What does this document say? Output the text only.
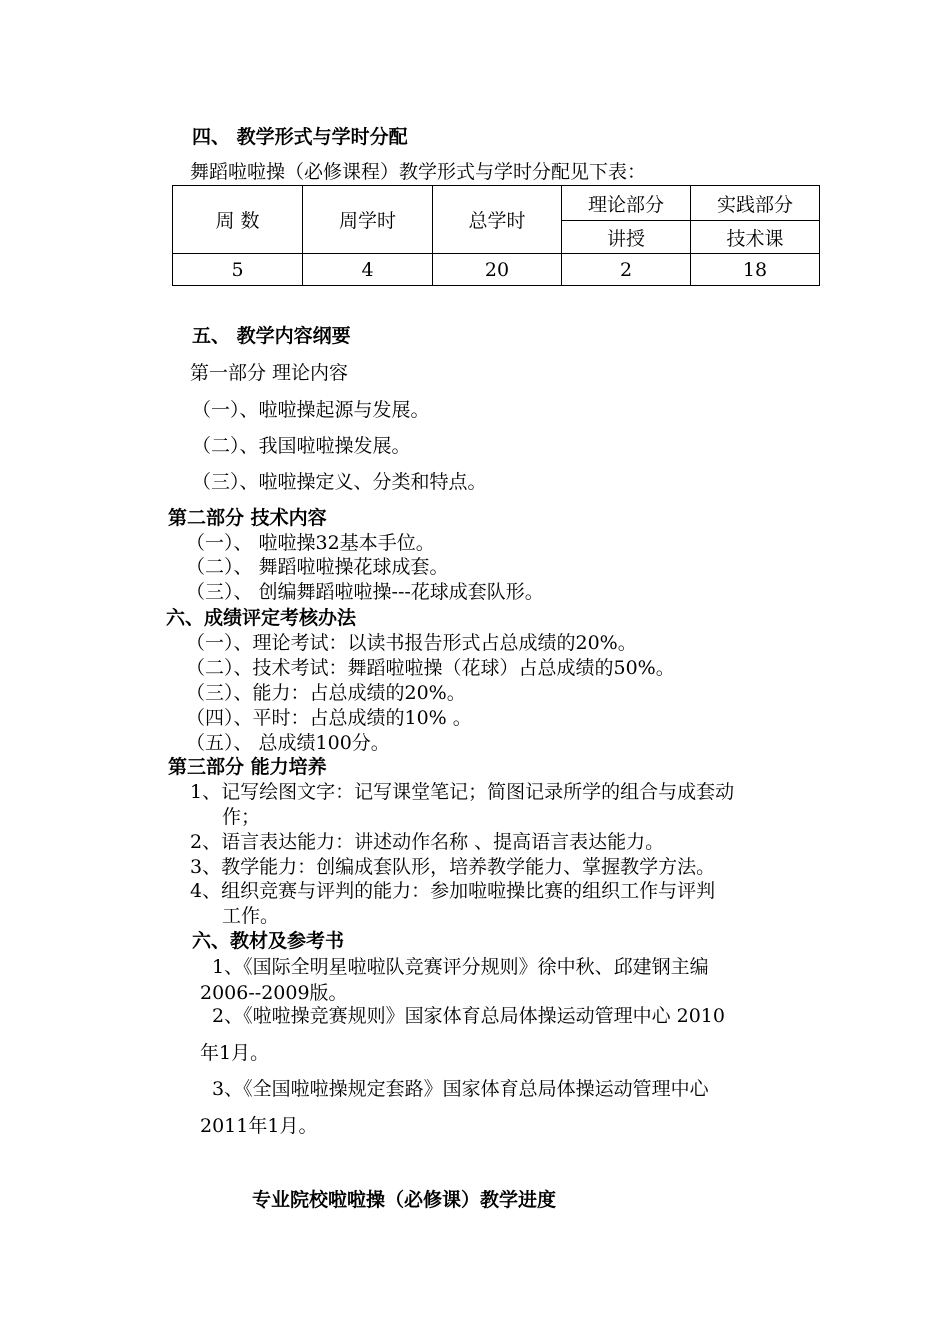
四、 教学形式与学时分配
舞蹈啦啦操（必修课程）教学形式与学时分配见下表：
周 数	周学时	总学时	理论部分	实践部分
			讲授	技术课
5	4	20	2	18
五、 教学内容纲要
第一部分 理论内容
（一）、啦啦操起源与发展。
（二）、我国啦啦操发展。
（三）、啦啦操定义、分类和特点。
第二部分 技术内容
（一）、 啦啦操32基本手位。
（二）、 舞蹈啦啦操花球成套。
（三）、 创编舞蹈啦啦操---花球成套队形。
六、成绩评定考核办法
（一）、理论考试：以读书报告形式占总成绩的20%。
（二）、技术考试：舞蹈啦啦操（花球）占总成绩的50%。
（三）、能力：占总成绩的20%。
（四）、平时：占总成绩的10% 。
（五）、 总成绩100分。
第三部分 能力培养
1、记写绘图文字：记写课堂笔记；简图记录所学的组合与成套动
作；
2、语言表达能力：讲述动作名称 、提高语言表达能力。
3、教学能力：创编成套队形，培养教学能力、掌握教学方法。
4、组织竞赛与评判的能力：参加啦啦操比赛的组织工作与评判
工作。
六、教材及参考书
1、《国际全明星啦啦队竞赛评分规则》徐中秋、邱建钢主编
2006--2009版。
2、《啦啦操竞赛规则》国家体育总局体操运动管理中心 2010
年1月。
3、《全国啦啦操规定套路》国家体育总局体操运动管理中心
2011年1月。
专业院校啦啦操（必修课）教学进度
